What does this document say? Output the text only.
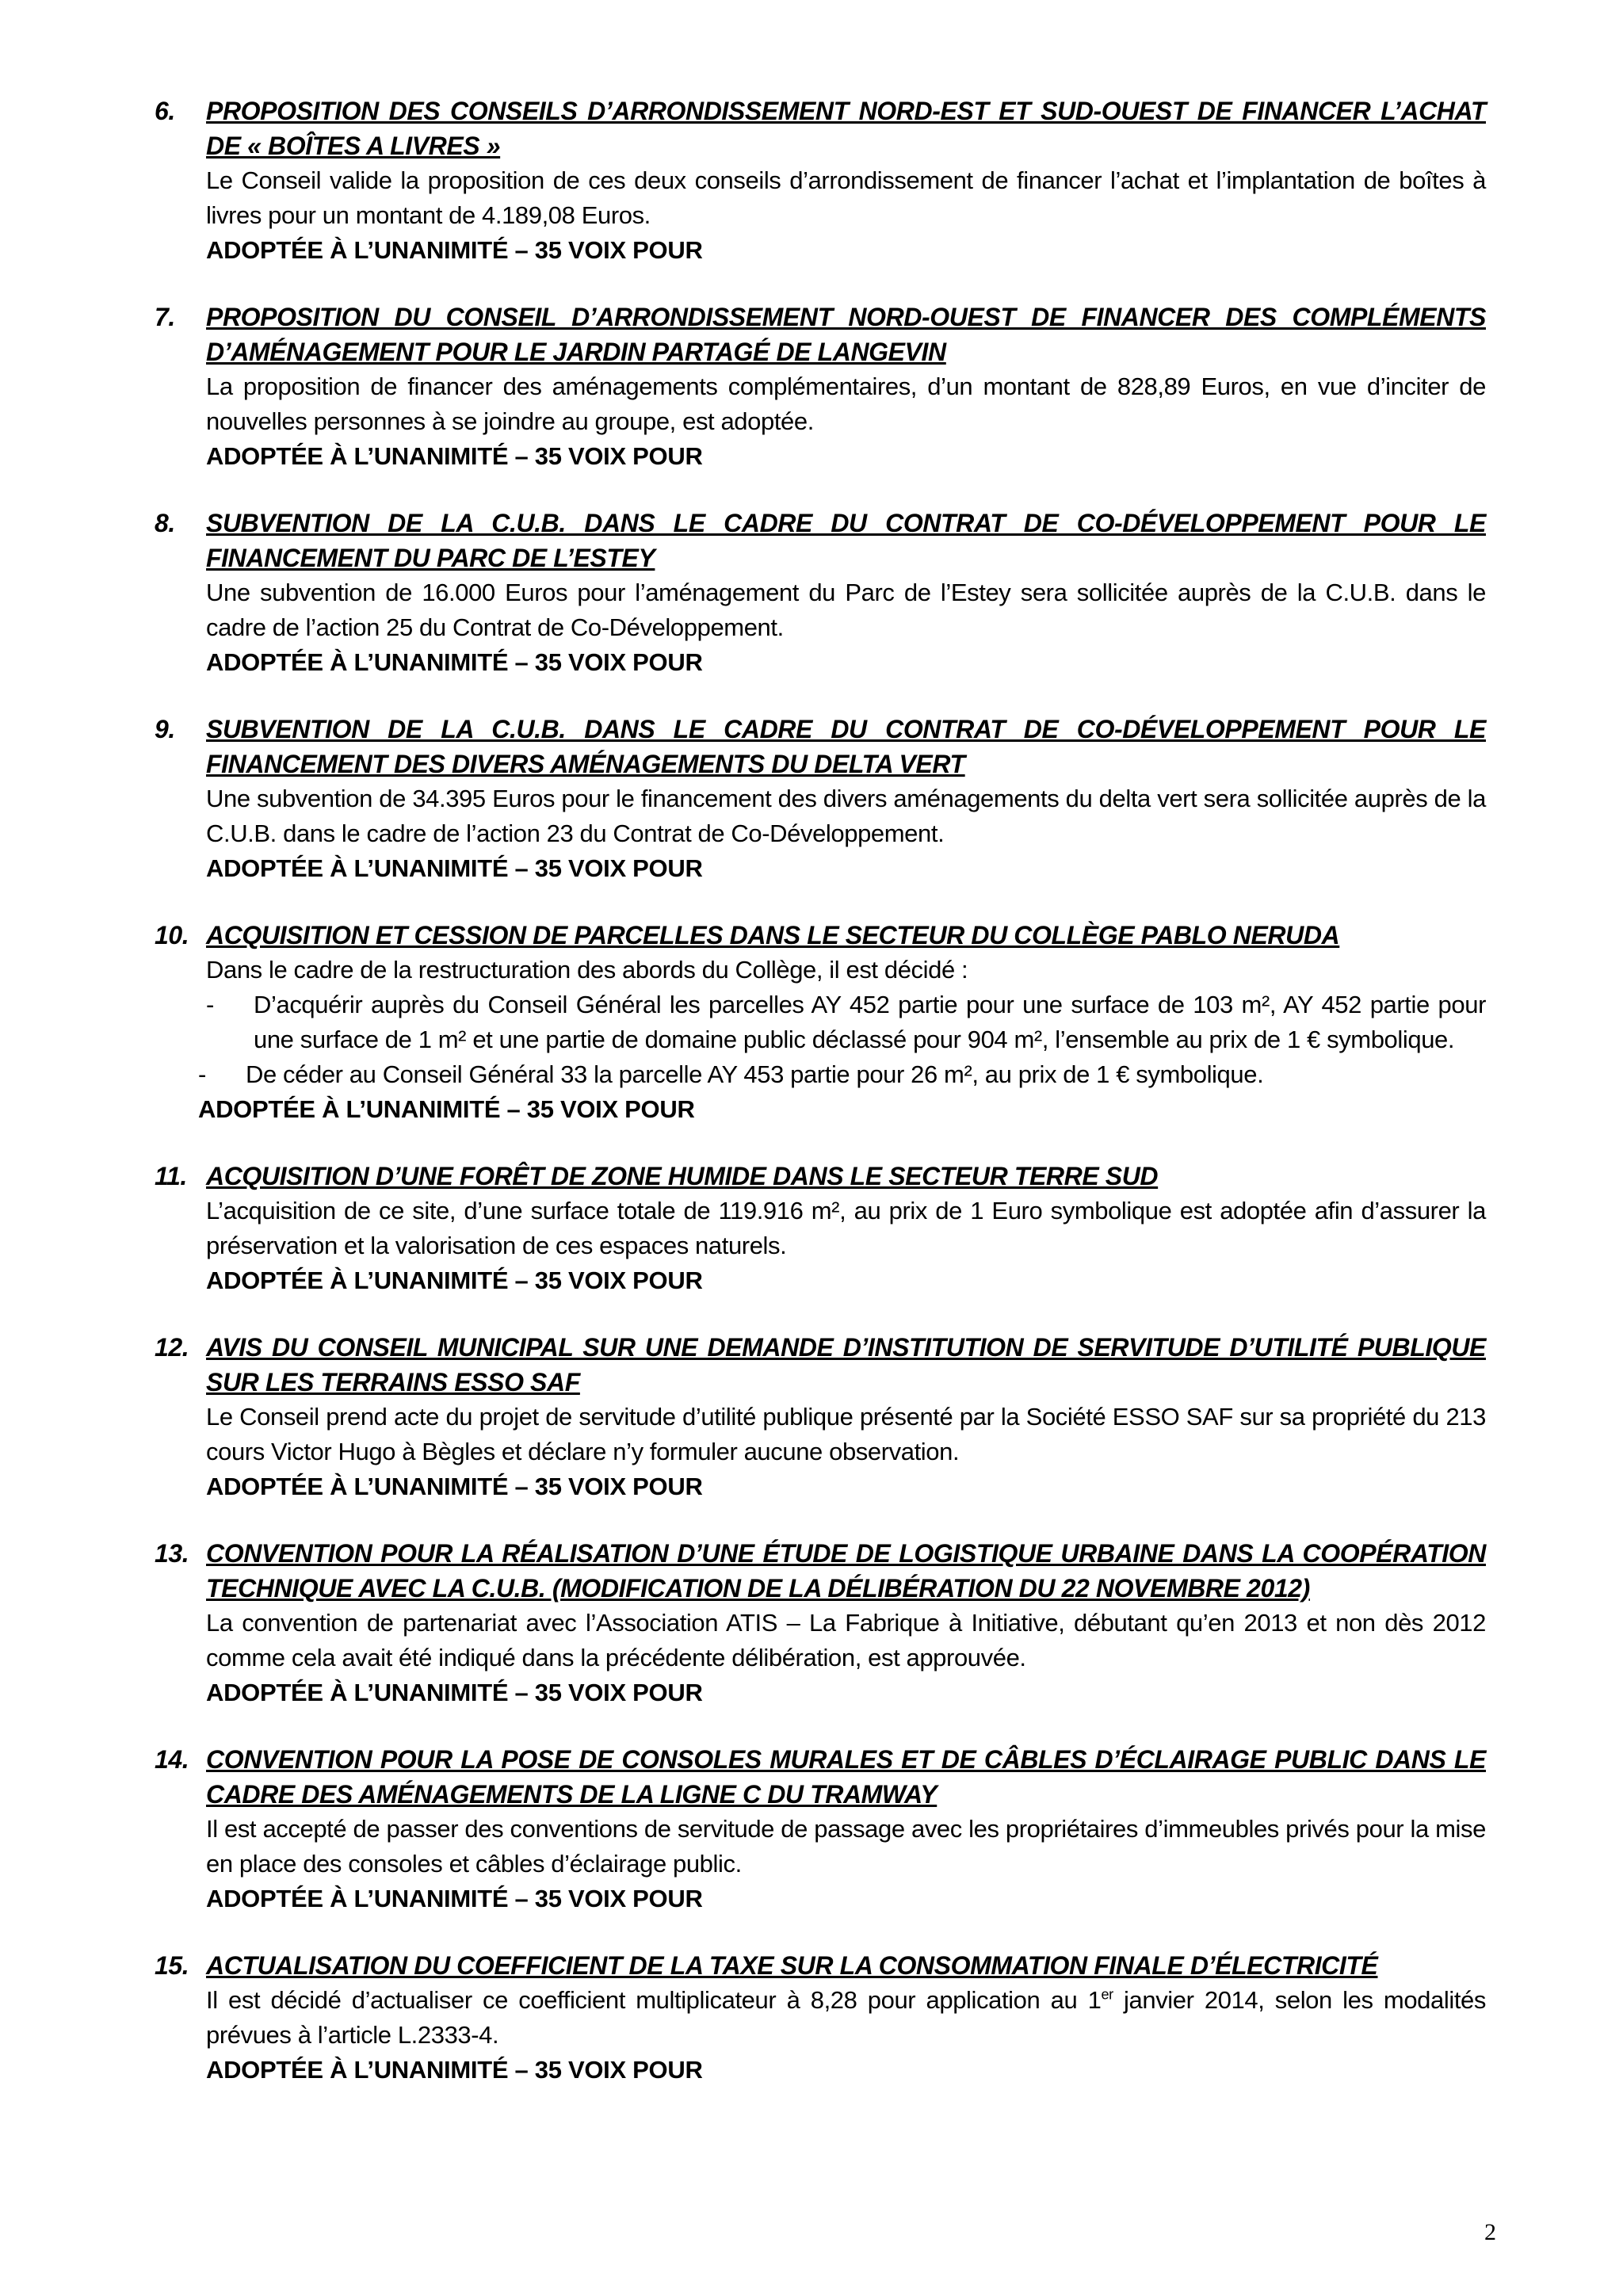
6. PROPOSITION DES CONSEILS D’ARRONDISSEMENT NORD-EST ET SUD-OUEST DE FINANCER L’ACHAT DE « BOÎTES A LIVRES »

Le Conseil valide la proposition de ces deux conseils d’arrondissement de financer l’achat et l’implantation de boîtes à livres pour un montant de 4.189,08 Euros.

ADOPTÉE À L’UNANIMITÉ – 35 VOIX POUR

7. PROPOSITION DU CONSEIL D’ARRONDISSEMENT NORD-OUEST DE FINANCER DES COMPLÉMENTS D’AMÉNAGEMENT POUR LE JARDIN PARTAGÉ DE LANGEVIN

La proposition de financer des aménagements complémentaires, d’un montant de 828,89 Euros, en vue d’inciter de nouvelles personnes à se joindre au groupe, est adoptée.

ADOPTÉE À L’UNANIMITÉ – 35 VOIX POUR

8. SUBVENTION DE LA C.U.B. DANS LE CADRE DU CONTRAT DE CO-DÉVELOPPEMENT POUR LE FINANCEMENT DU PARC DE L’ESTEY

Une subvention de 16.000 Euros pour l’aménagement du Parc de l’Estey sera sollicitée auprès de la C.U.B. dans le cadre de l’action 25 du Contrat de Co-Développement.

ADOPTÉE À L’UNANIMITÉ – 35 VOIX POUR

9. SUBVENTION DE LA C.U.B. DANS LE CADRE DU CONTRAT DE CO-DÉVELOPPEMENT POUR LE FINANCEMENT DES DIVERS AMÉNAGEMENTS DU DELTA VERT

Une subvention de 34.395 Euros pour le financement des divers aménagements du delta vert sera sollicitée auprès de la C.U.B. dans le cadre de l’action 23 du Contrat de Co-Développement.

ADOPTÉE À L’UNANIMITÉ – 35 VOIX POUR

10. ACQUISITION ET CESSION DE PARCELLES DANS LE SECTEUR DU COLLÈGE PABLO NERUDA

Dans le cadre de la restructuration des abords du Collège, il est décidé :

- D’acquérir auprès du Conseil Général les parcelles AY 452 partie pour une surface de 103 m², AY 452 partie pour une surface de 1 m² et une partie de domaine public déclassé pour 904 m², l’ensemble au prix de 1 € symbolique.
- De céder au Conseil Général 33 la parcelle AY 453 partie pour 26 m², au prix de 1 € symbolique.

ADOPTÉE À L’UNANIMITÉ – 35 VOIX POUR

11. ACQUISITION D’UNE FORÊT DE ZONE HUMIDE DANS LE SECTEUR TERRE SUD

L’acquisition de ce site, d’une surface totale de 119.916 m², au prix de 1 Euro symbolique est adoptée afin d’assurer la préservation et la valorisation de ces espaces naturels.

ADOPTÉE À L’UNANIMITÉ – 35 VOIX POUR

12. AVIS DU CONSEIL MUNICIPAL SUR UNE DEMANDE D’INSTITUTION DE SERVITUDE D’UTILITÉ PUBLIQUE SUR LES TERRAINS ESSO SAF

Le Conseil prend acte du projet de servitude d’utilité publique présenté par la Société ESSO SAF sur sa propriété du 213 cours Victor Hugo à Bègles et déclare n’y formuler aucune observation.

ADOPTÉE À L’UNANIMITÉ – 35 VOIX POUR

13. CONVENTION POUR LA RÉALISATION D’UNE ÉTUDE DE LOGISTIQUE URBAINE DANS LA COOPÉRATION TECHNIQUE AVEC LA C.U.B. (MODIFICATION DE LA DÉLIBÉRATION DU 22 NOVEMBRE 2012)

La convention de partenariat avec l’Association ATIS – La Fabrique à Initiative, débutant qu’en 2013 et non dès 2012 comme cela avait été indiqué dans la précédente délibération, est approuvée.

ADOPTÉE À L’UNANIMITÉ – 35 VOIX POUR

14. CONVENTION POUR LA POSE DE CONSOLES MURALES ET DE CÂBLES D’ÉCLAIRAGE PUBLIC DANS LE CADRE DES AMÉNAGEMENTS DE LA LIGNE C DU TRAMWAY

Il est accepté de passer des conventions de servitude de passage avec les propriétaires d’immeubles privés pour la mise en place des consoles et câbles d’éclairage public.

ADOPTÉE À L’UNANIMITÉ – 35 VOIX POUR

15. ACTUALISATION DU COEFFICIENT DE LA TAXE SUR LA CONSOMMATION FINALE D’ÉLECTRICITÉ

Il est décidé d’actualiser ce coefficient multiplicateur à 8,28 pour application au 1er janvier 2014, selon les modalités prévues à l’article L.2333-4.

ADOPTÉE À L’UNANIMITÉ – 35 VOIX POUR

2
